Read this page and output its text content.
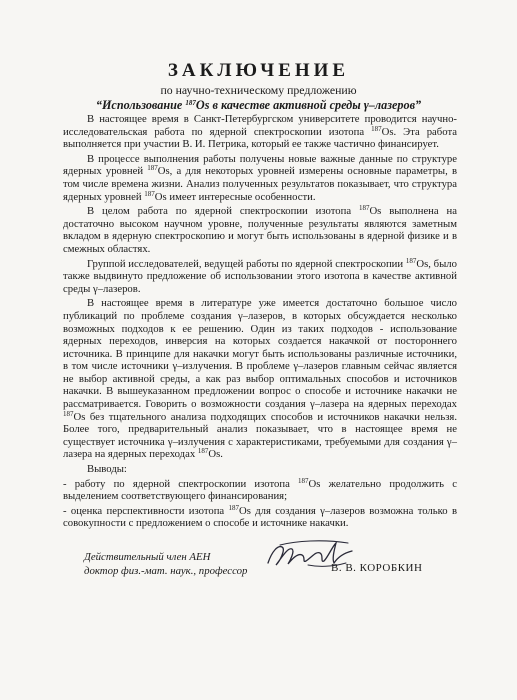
ЗАКЛЮЧЕНИЕ
по научно-техническому предложению
“Использование $^{187}$Os в качестве активной среды γ–лазеров”

В настоящее время в Санкт-Петербургском университете проводится научно-исследовательская работа по ядерной спектроскопии изотопа $^{187}$Os. Эта работа выполняется при участии В. И. Петрика, который ее также частично финансирует.

В процессе выполнения работы получены новые важные данные по структуре ядерных уровней $^{187}$Os, а для некоторых уровней измерены основные параметры, в том числе времена жизни. Анализ полученных результатов показывает, что структура ядерных уровней $^{187}$Os имеет интересные особенности.

В целом работа по ядерной спектроскопии изотопа $^{187}$Os выполнена на достаточно высоком научном уровне, полученные результаты являются заметным вкладом в ядерную спектроскопию и могут быть использованы в ядерной физике и в смежных областях.

Группой исследователей, ведущей работы по ядерной спектроскопии $^{187}$Os, было также выдвинуто предложение об использовании этого изотопа в качестве активной среды γ–лазеров.

В настоящее время в литературе уже имеется достаточно большое число публикаций по проблеме создания γ–лазеров, в которых обсуждается несколько возможных подходов к ее решению. Один из таких подходов - использование ядерных переходов, инверсия на которых создается накачкой от постороннего источника. В принципе для накачки могут быть использованы различные источники, в том числе источники γ–излучения. В проблеме γ–лазеров главным сейчас является не выбор активной среды, а как раз выбор оптимальных способов и источников накачки. В вышеуказанном предложении вопрос о способе и источнике накачки не рассматривается. Говорить о возможности создания γ–лазера на ядерных переходах $^{187}$Os без тщательного анализа подходящих способов и источников накачки нельзя. Более того, предварительный анализ показывает, что в настоящее время не существует источника γ–излучения с характеристиками, требуемыми для создания γ–лазера на ядерных переходах $^{187}$Os.

Выводы:

- работу по ядерной спектроскопии изотопа $^{187}$Os желательно продолжить с выделением соответствующего финансирования;

- оценка перспективности изотопа $^{187}$Os для создания γ–лазеров возможна только в совокупности с предложением о способе и источнике накачки.

Действительный член АЕН
доктор физ.-мат. наук., профессор	В. В. КОРОБКИН
